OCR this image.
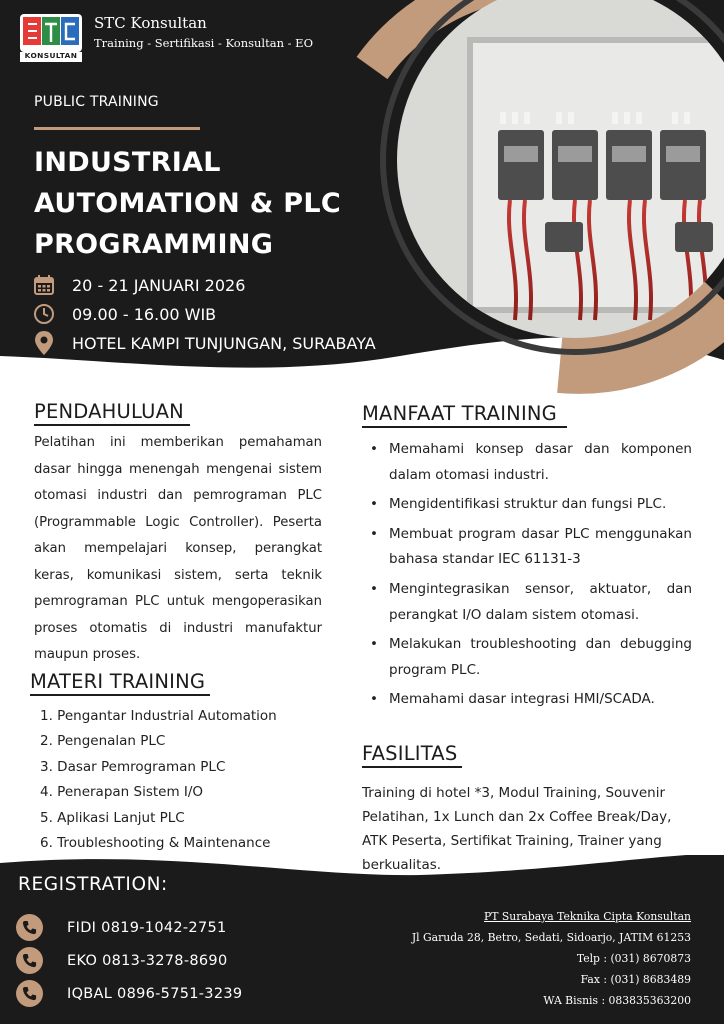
KONSULTAN
STC Konsultan
Training - Sertifikasi - Konsultan - EO
PUBLIC TRAINING
INDUSTRIAL
AUTOMATION & PLC
PROGRAMMING
20 - 21 JANUARI 2026
09.00 - 16.00 WIB
HOTEL KAMPI TUNJUNGAN, SURABAYA
PENDAHULUAN
Pelatihan ini memberikan pemahaman dasar hingga menengah mengenai sistem otomasi industri dan pemrograman PLC (Programmable Logic Controller). Peserta akan mempelajari konsep, perangkat keras, komunikasi sistem, serta teknik pemrograman PLC untuk mengoperasikan proses otomatis di industri manufaktur maupun proses.
MATERI TRAINING
1. Pengantar Industrial Automation
2. Pengenalan PLC
3. Dasar Pemrograman PLC
4. Penerapan Sistem I/O
5. Aplikasi Lanjut PLC
6. Troubleshooting & Maintenance
MANFAAT TRAINING
• Memahami konsep dasar dan komponen dalam otomasi industri.
• Mengidentifikasi struktur dan fungsi PLC.
• Membuat program dasar PLC menggunakan bahasa standar IEC 61131-3
• Mengintegrasikan sensor, aktuator, dan perangkat I/O dalam sistem otomasi.
• Melakukan troubleshooting dan debugging program PLC.
• Memahami dasar integrasi HMI/SCADA.
FASILITAS
Training di hotel *3, Modul Training, Souvenir Pelatihan, 1x Lunch dan 2x Coffee Break/Day, ATK Peserta, Sertifikat Training, Trainer yang berkualitas.
REGISTRATION:
FIDI 0819-1042-2751
EKO 0813-3278-8690
IQBAL 0896-5751-3239
PT Surabaya Teknika Cipta Konsultan
Jl Garuda 28, Betro, Sedati, Sidoarjo, JATIM 61253
Telp : (031) 8670873
Fax : (031) 8683489
WA Bisnis : 083835363200
